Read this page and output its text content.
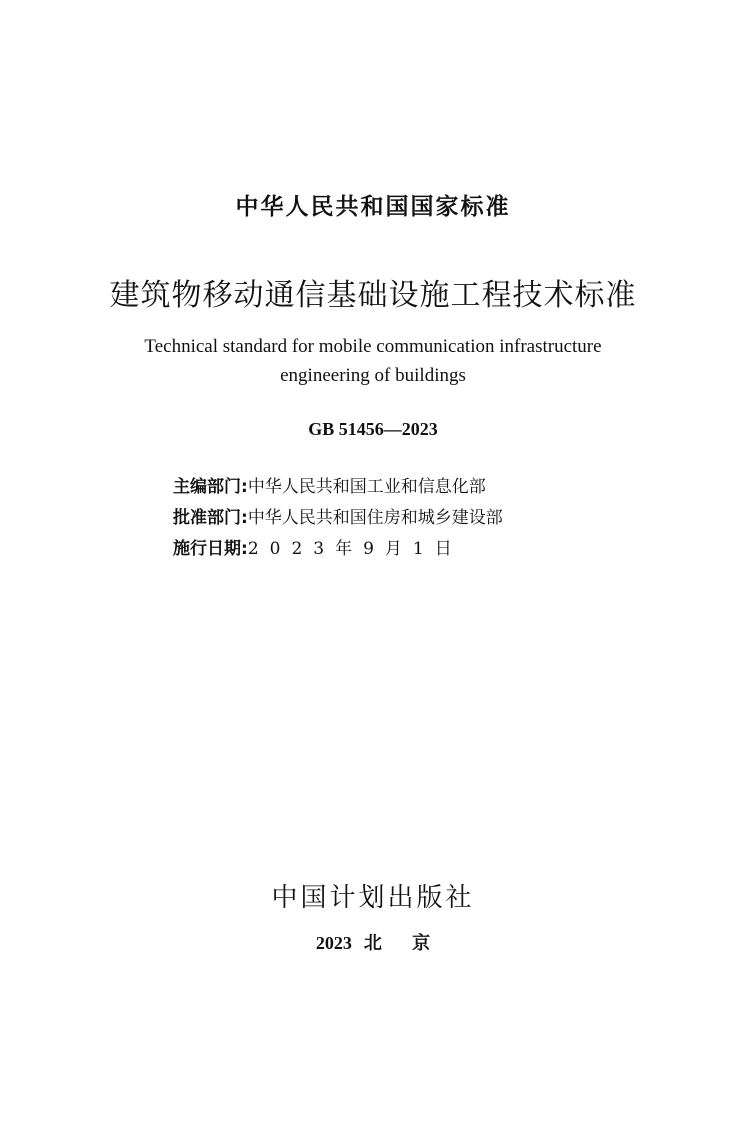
中华人民共和国国家标准
建筑物移动通信基础设施工程技术标准
Technical standard for mobile communication infrastructure
engineering of buildings
GB 51456—2023
主编部门:中华人民共和国工业和信息化部
批准部门:中华人民共和国住房和城乡建设部
施行日期:2023年9月1日
中国计划出版社
2023 北 京
